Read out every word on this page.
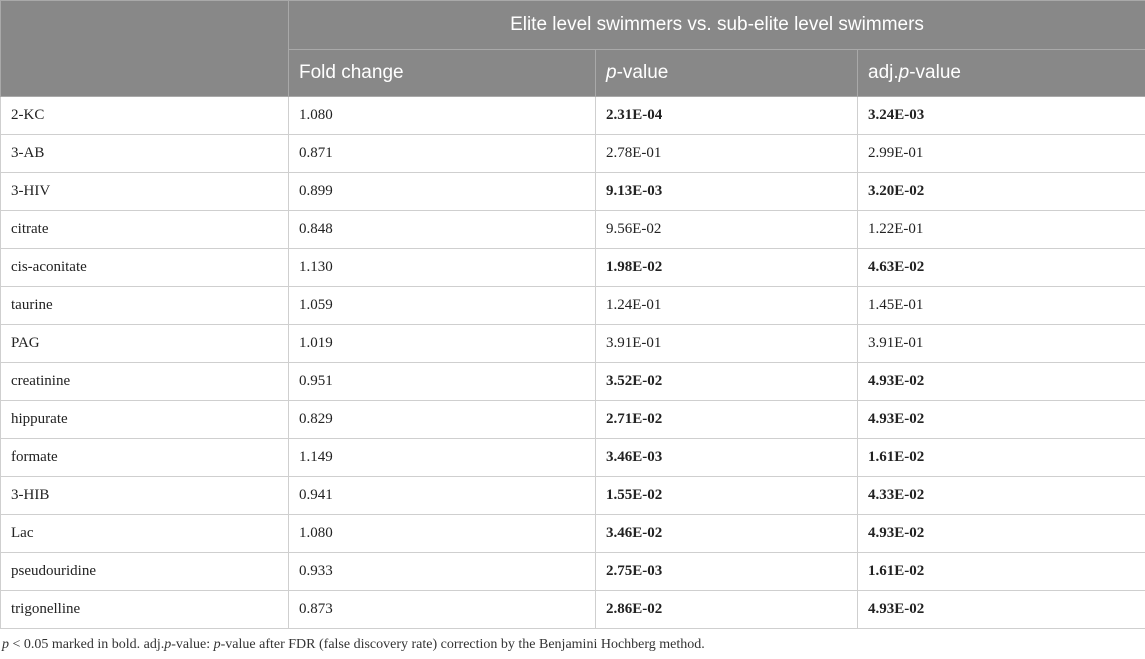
	Elite level swimmers vs. sub-elite level swimmers		
	Fold change	p-value	adj.p-value
2-KC	1.080	2.31E-04	3.24E-03
3-AB	0.871	2.78E-01	2.99E-01
3-HIV	0.899	9.13E-03	3.20E-02
citrate	0.848	9.56E-02	1.22E-01
cis-aconitate	1.130	1.98E-02	4.63E-02
taurine	1.059	1.24E-01	1.45E-01
PAG	1.019	3.91E-01	3.91E-01
creatinine	0.951	3.52E-02	4.93E-02
hippurate	0.829	2.71E-02	4.93E-02
formate	1.149	3.46E-03	1.61E-02
3-HIB	0.941	1.55E-02	4.33E-02
Lac	1.080	3.46E-02	4.93E-02
pseudouridine	0.933	2.75E-03	1.61E-02
trigonelline	0.873	2.86E-02	4.93E-02

p < 0.05 marked in bold. adj.p-value: p-value after FDR (false discovery rate) correction by the Benjamini Hochberg method.
